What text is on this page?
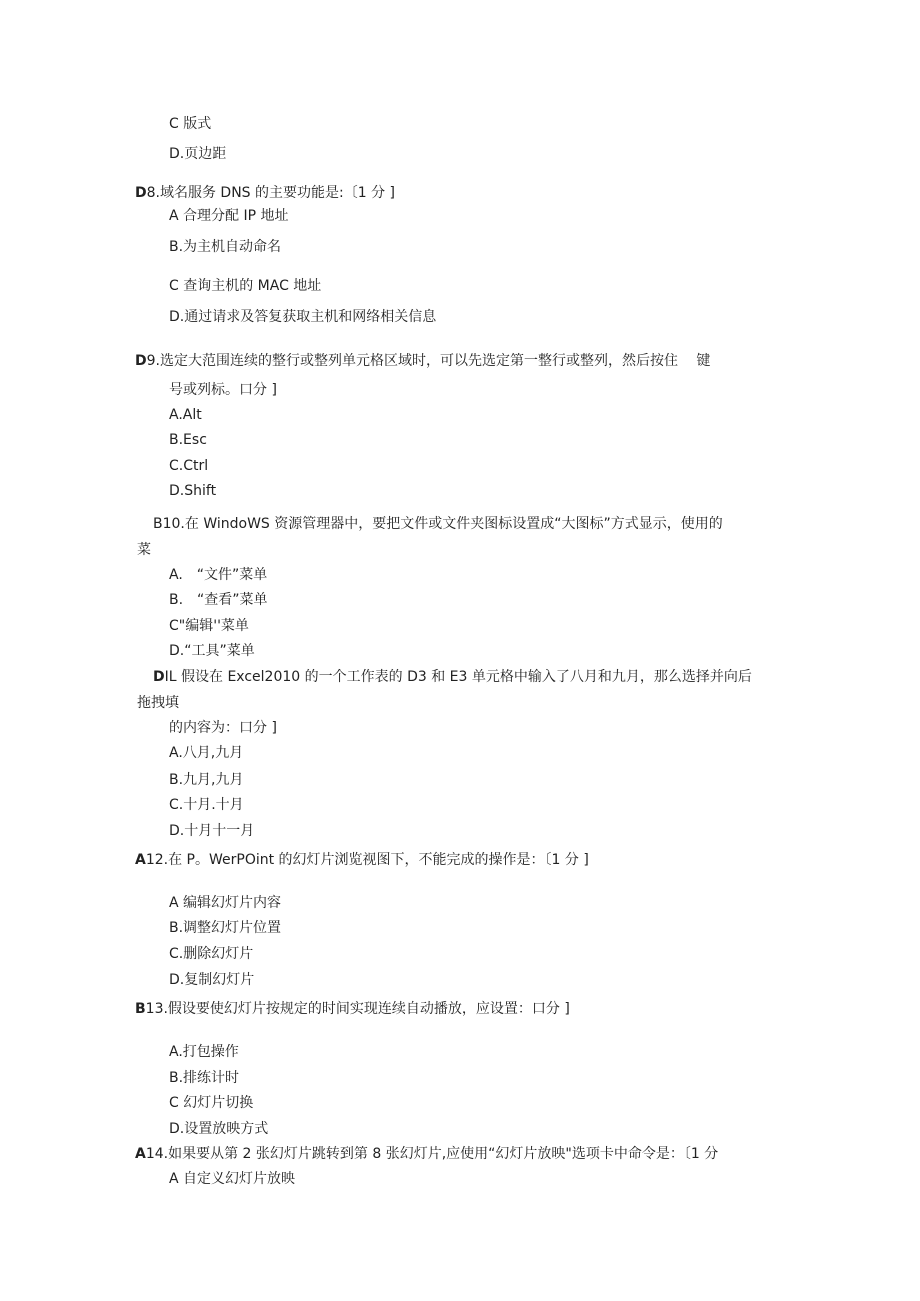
C 版式
D.页边距
D8.域名服务 DNS 的主要功能是:〔1 分 ]
A 合理分配 IP 地址
B.为主机自动命名
C 查询主机的 MAC 地址
D.通过请求及答复获取主机和网络相关信息
D9.选定大范围连续的整行或整列单元格区域时，可以先选定第一整行或整列，然后按住　 键
号或列标。口分 ]
A.Alt
B.Esc
C.Ctrl
D.Shift
B10.在 WindoWS 资源管理器中，要把文件或文件夹图标设置成“大图标”方式显示，使用的
菜
A.　“文件”菜单
B.　“查看”菜单
C"编辑''菜单
D.“工具”菜单
DIL 假设在 Excel2010 的一个工作表的 D3 和 E3 单元格中输入了八月和九月，那么选择并向后
拖拽填
的内容为：口分 ]
A.八月,九月
B.九月,九月
C.十月.十月
D.十月十一月
A12.在 P。WerPOint 的幻灯片浏览视图下，不能完成的操作是：〔1 分 ]
A 编辑幻灯片内容
B.调整幻灯片位置
C.删除幻灯片
D.复制幻灯片
B13.假设要使幻灯片按规定的时间实现连续自动播放，应设置：口分 ]
A.打包操作
B.排练计时
C 幻灯片切换
D.设置放映方式
A14.如果要从第 2 张幻灯片跳转到第 8 张幻灯片,应使用“幻灯片放映"选项卡中命令是：〔1 分
A 自定义幻灯片放映
